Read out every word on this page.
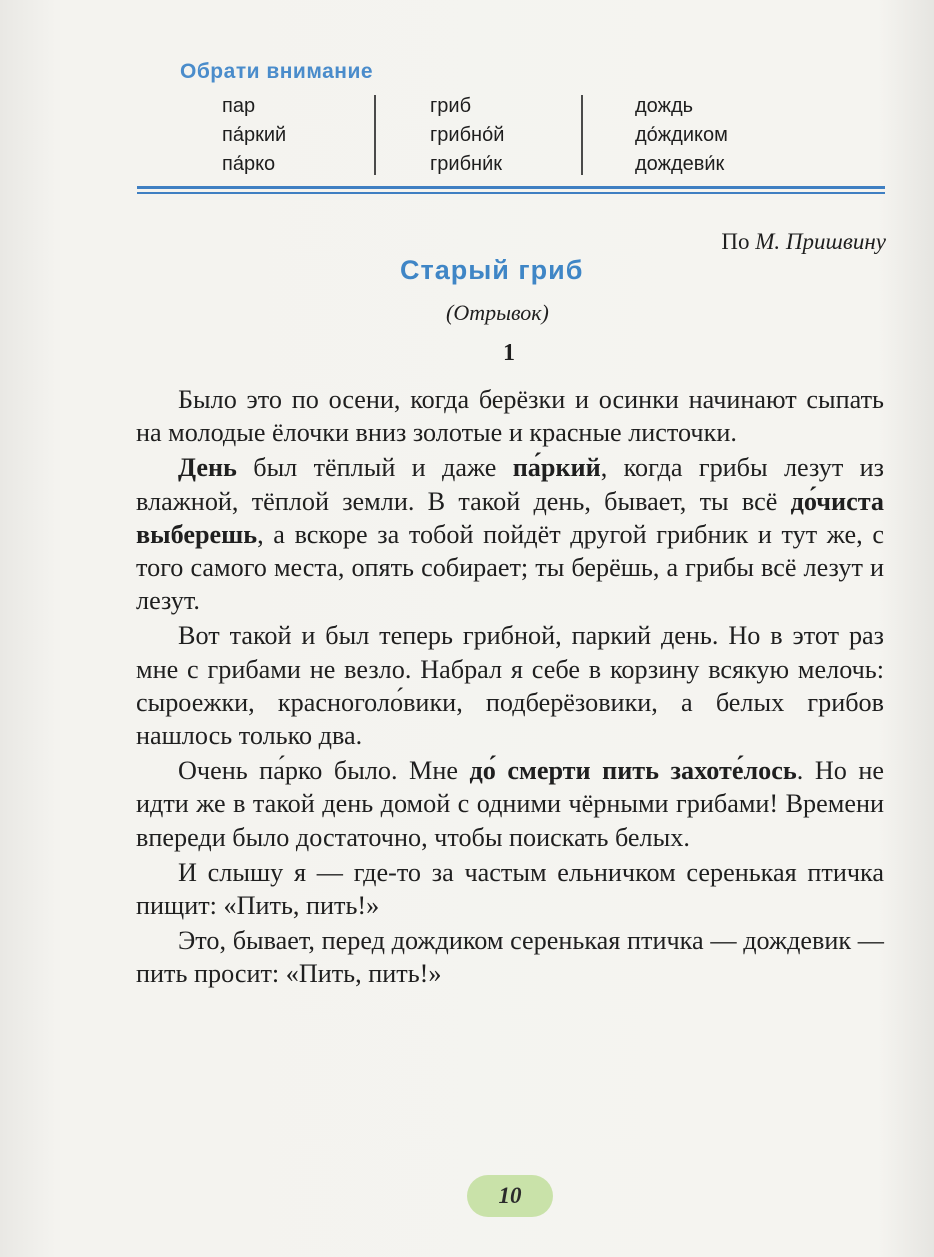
Обрати внимание
пар
па́ркий
па́рко
гриб
грибно́й
грибни́к
дождь
до́ждиком
дождеви́к
По М. Пришвину
Старый гриб
(Отрывок)
1

Было это по осени, когда берёзки и осинки начинают сыпать на молодые ёлочки вниз золотые и красные листочки.

День был тёплый и даже па́ркий, когда грибы лезут из влажной, тёплой земли. В такой день, бывает, ты всё до́чиста выберешь, а вскоре за тобой пойдёт другой грибник и тут же, с того самого места, опять собирает; ты берёшь, а грибы всё лезут и лезут.

Вот такой и был теперь грибной, паркий день. Но в этот раз мне с грибами не везло. Набрал я себе в корзину всякую мелочь: сыроежки, красноголо́вики, подберёзовики, а белых грибов нашлось только два.

Очень па́рко было. Мне до́ смерти пить захоте́лось. Но не идти же в такой день домой с одними чёрными грибами! Времени впереди было достаточно, чтобы поискать белых.

И слышу я — где-то за частым ельничком серенькая птичка пищит: «Пить, пить!»

Это, бывает, перед дождиком серенькая птичка — дождевик — пить просит: «Пить, пить!»

10
